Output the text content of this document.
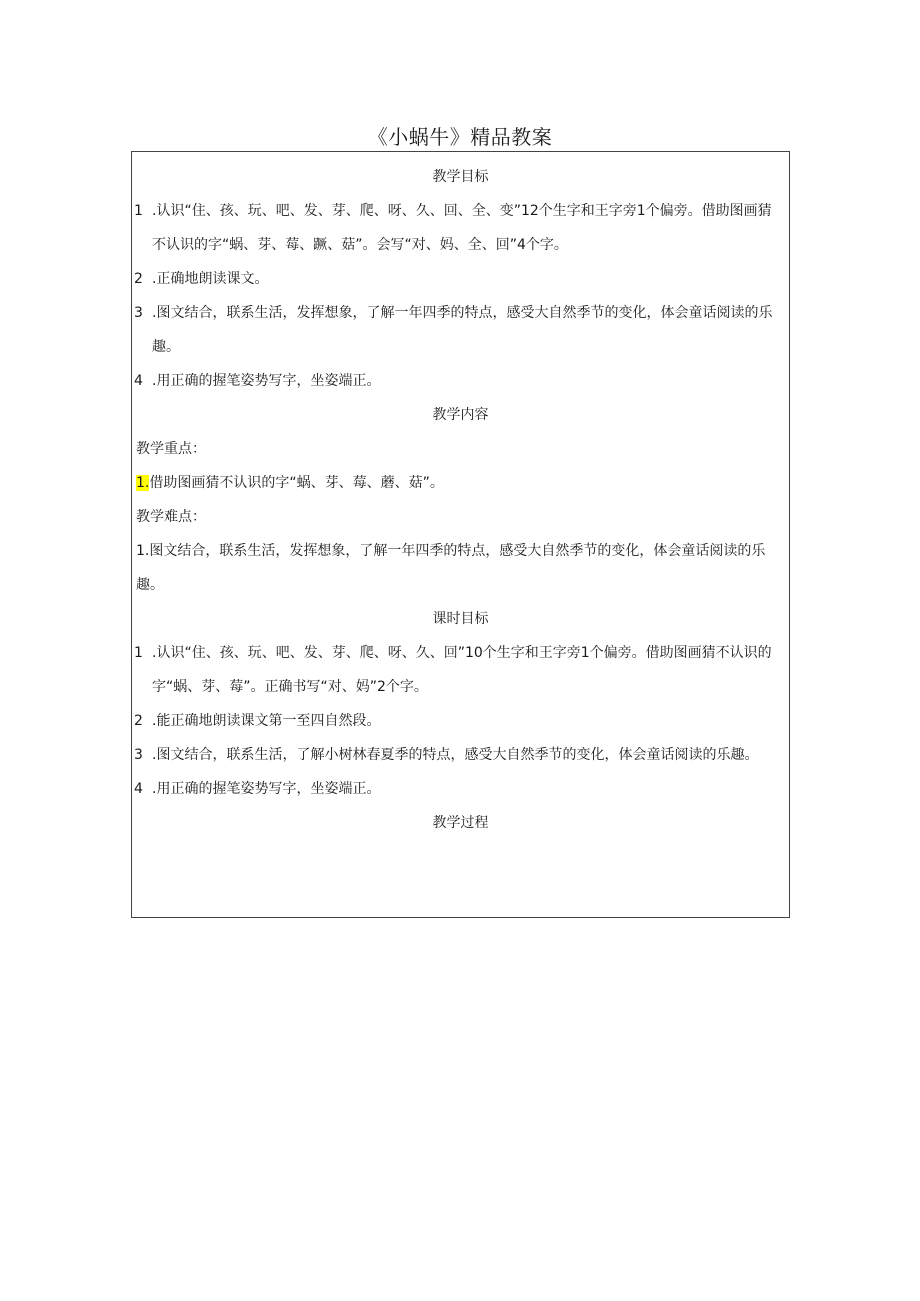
《小蜗牛》精品教案
教学目标
1 .认识“住、孩、玩、吧、发、芽、爬、呀、久、回、全、变”12个生字和王字旁1个偏旁。借助图画猜不认识的字“蜗、芽、莓、蹶、菇”。会写“对、妈、全、回”4个字。
2 .正确地朗读课文。
3 .图文结合，联系生活，发挥想象，了解一年四季的特点，感受大自然季节的变化，体会童话阅读的乐趣。
4 .用正确的握笔姿势写字，坐姿端正。
教学内容
教学重点：
1.借助图画猜不认识的字“蜗、芽、莓、蘑、菇”。
教学难点：
1.图文结合，联系生活，发挥想象，了解一年四季的特点，感受大自然季节的变化，体会童话阅读的乐趣。
课时目标
1 .认识“住、孩、玩、吧、发、芽、爬、呀、久、回”10个生字和王字旁1个偏旁。借助图画猜不认识的字“蜗、芽、莓”。正确书写“对、妈”2个字。
2 .能正确地朗读课文第一至四自然段。
3 .图文结合，联系生活，了解小树林春夏季的特点，感受大自然季节的变化，体会童话阅读的乐趣。
4 .用正确的握笔姿势写字，坐姿端正。
教学过程
